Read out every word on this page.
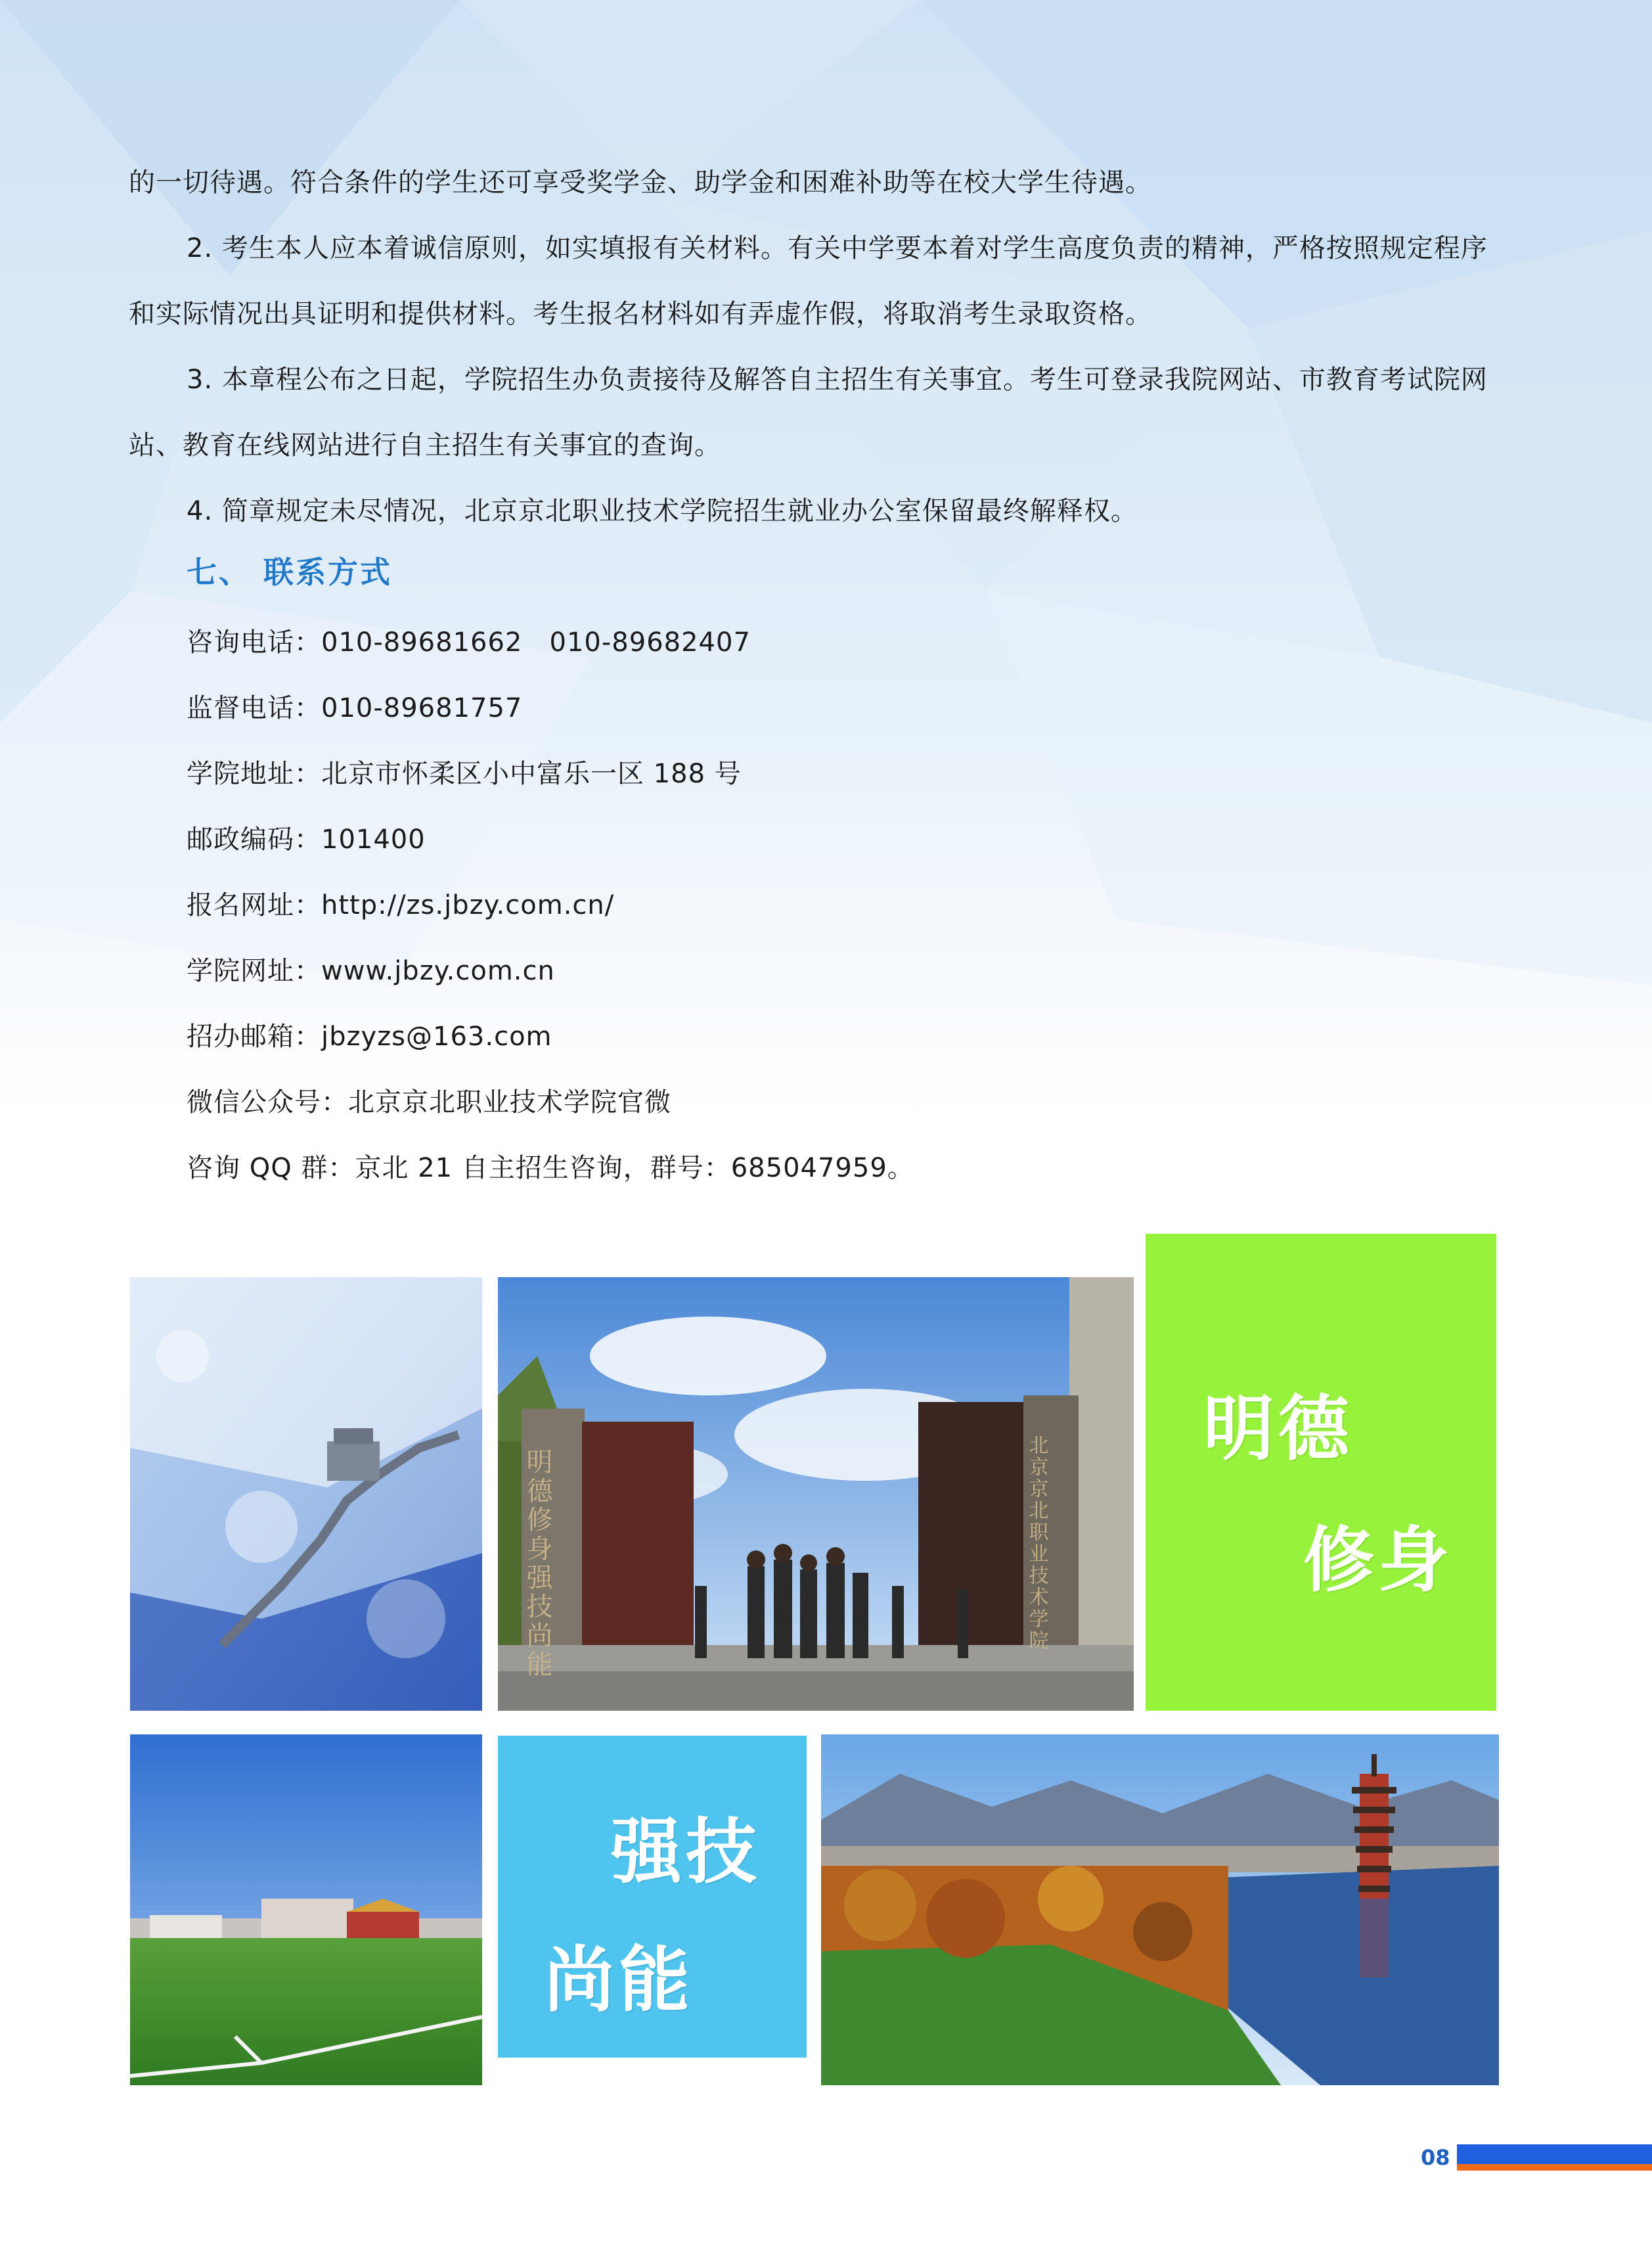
的一切待遇。符合条件的学生还可享受奖学金、助学金和困难补助等在校大学生待遇。

2. 考生本人应本着诚信原则，如实填报有关材料。有关中学要本着对学生高度负责的精神，严格按照规定程序和实际情况出具证明和提供材料。考生报名材料如有弄虚作假，将取消考生录取资格。

3. 本章程公布之日起，学院招生办负责接待及解答自主招生有关事宜。考生可登录我院网站、市教育考试院网站、教育在线网站进行自主招生有关事宜的查询。

4. 简章规定未尽情况，北京京北职业技术学院招生就业办公室保留最终解释权。

七、 联系方式
咨询电话：010-89681662   010-89682407
监督电话：010-89681757
学院地址：北京市怀柔区小中富乐一区 188 号
邮政编码：101400
报名网址：http://zs.jbzy.com.cn/
学院网址：www.jbzy.com.cn
招办邮箱：jbzyzs@163.com
微信公众号：北京京北职业技术学院官微
咨询 QQ 群：京北 21 自主招生咨询，群号：685047959。
明德修身强技尚能	北京京北职业技术学院
明德
修身
强技
尚能
08
